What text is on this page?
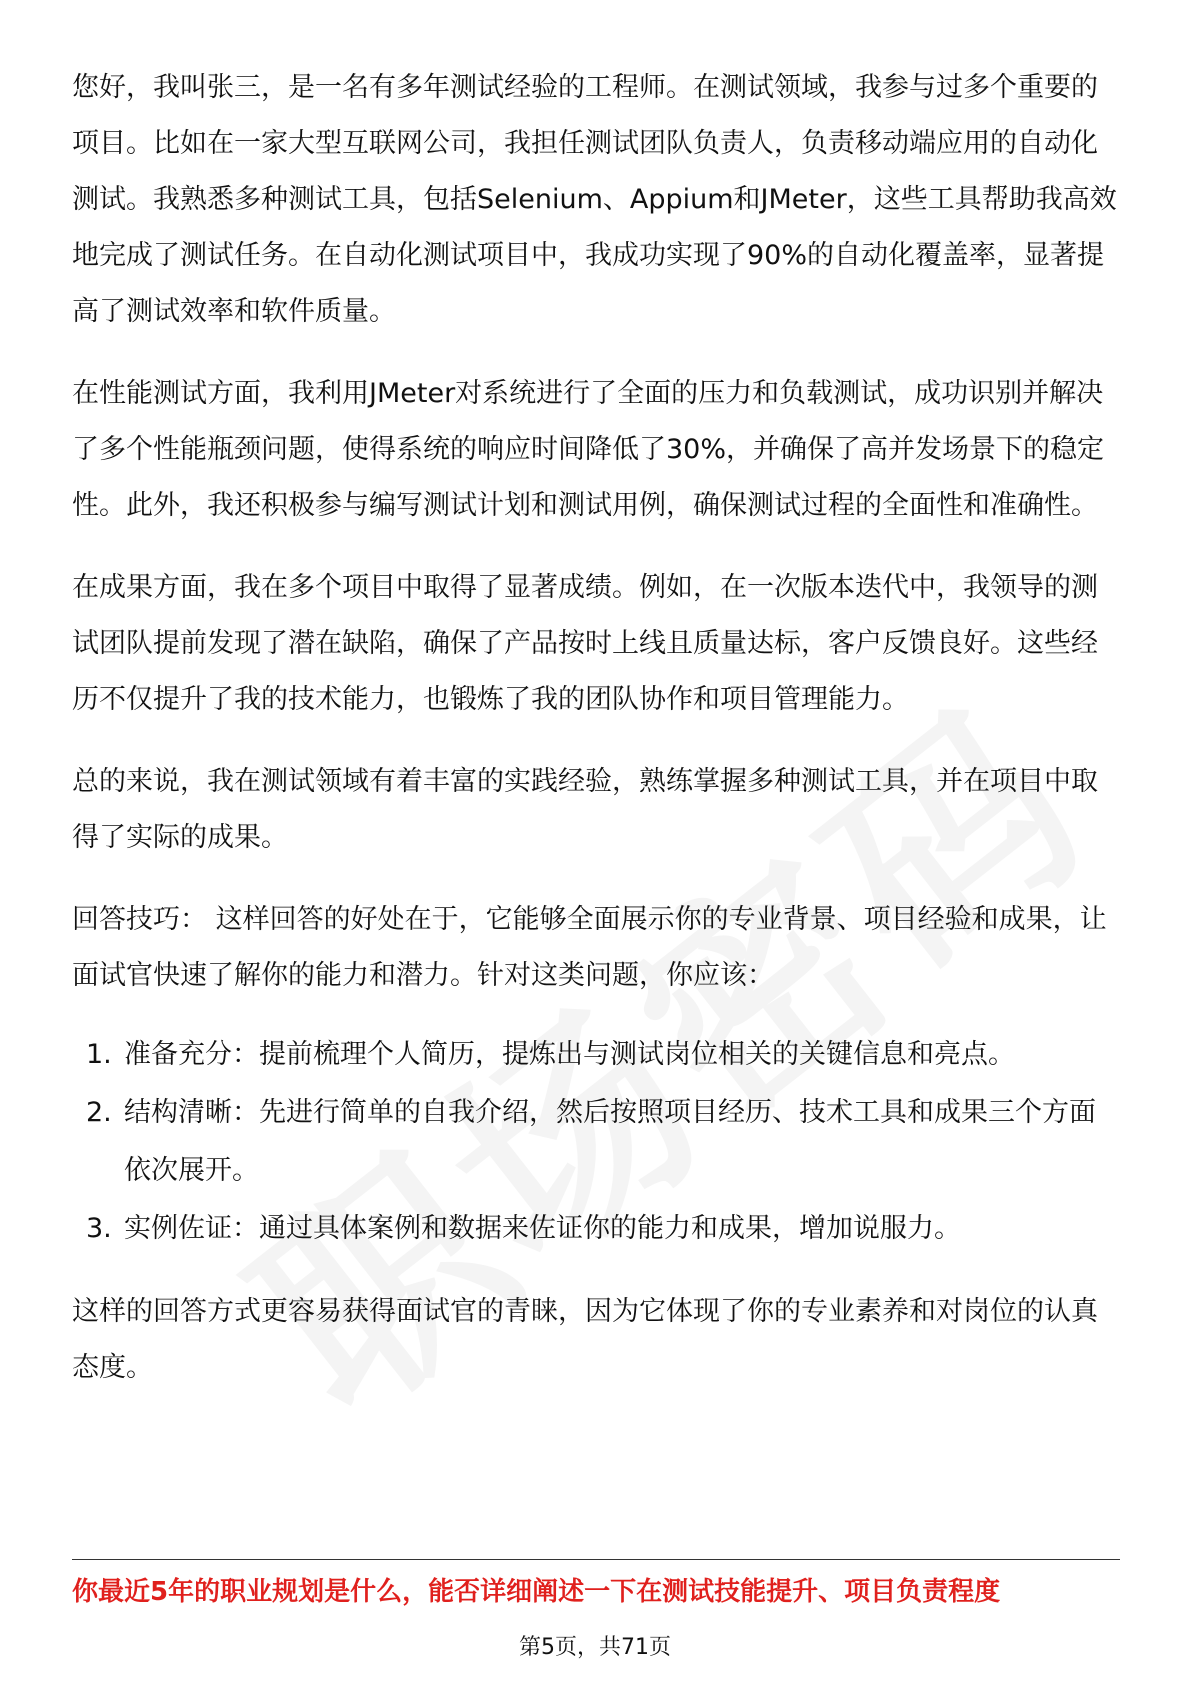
您好，我叫张三，是一名有多年测试经验的工程师。在测试领域，我参与过多个重要的项目。比如在一家大型互联网公司，我担任测试团队负责人，负责移动端应用的自动化测试。我熟悉多种测试工具，包括Selenium、Appium和JMeter，这些工具帮助我高效地完成了测试任务。在自动化测试项目中，我成功实现了90%的自动化覆盖率，显著提高了测试效率和软件质量。

在性能测试方面，我利用JMeter对系统进行了全面的压力和负载测试，成功识别并解决了多个性能瓶颈问题，使得系统的响应时间降低了30%，并确保了高并发场景下的稳定性。此外，我还积极参与编写测试计划和测试用例，确保测试过程的全面性和准确性。

在成果方面，我在多个项目中取得了显著成绩。例如，在一次版本迭代中，我领导的测试团队提前发现了潜在缺陷，确保了产品按时上线且质量达标，客户反馈良好。这些经历不仅提升了我的技术能力，也锻炼了我的团队协作和项目管理能力。

总的来说，我在测试领域有着丰富的实践经验，熟练掌握多种测试工具，并在项目中取得了实际的成果。

回答技巧： 这样回答的好处在于，它能够全面展示你的专业背景、项目经验和成果，让面试官快速了解你的能力和潜力。针对这类问题，你应该：

1. 准备充分：提前梳理个人简历，提炼出与测试岗位相关的关键信息和亮点。
2. 结构清晰：先进行简单的自我介绍，然后按照项目经历、技术工具和成果三个方面依次展开。
3. 实例佐证：通过具体案例和数据来佐证你的能力和成果，增加说服力。

这样的回答方式更容易获得面试官的青睐，因为它体现了你的专业素养和对岗位的认真态度。

你最近5年的职业规划是什么，能否详细阐述一下在测试技能提升、项目负责程度
第5页，共71页
